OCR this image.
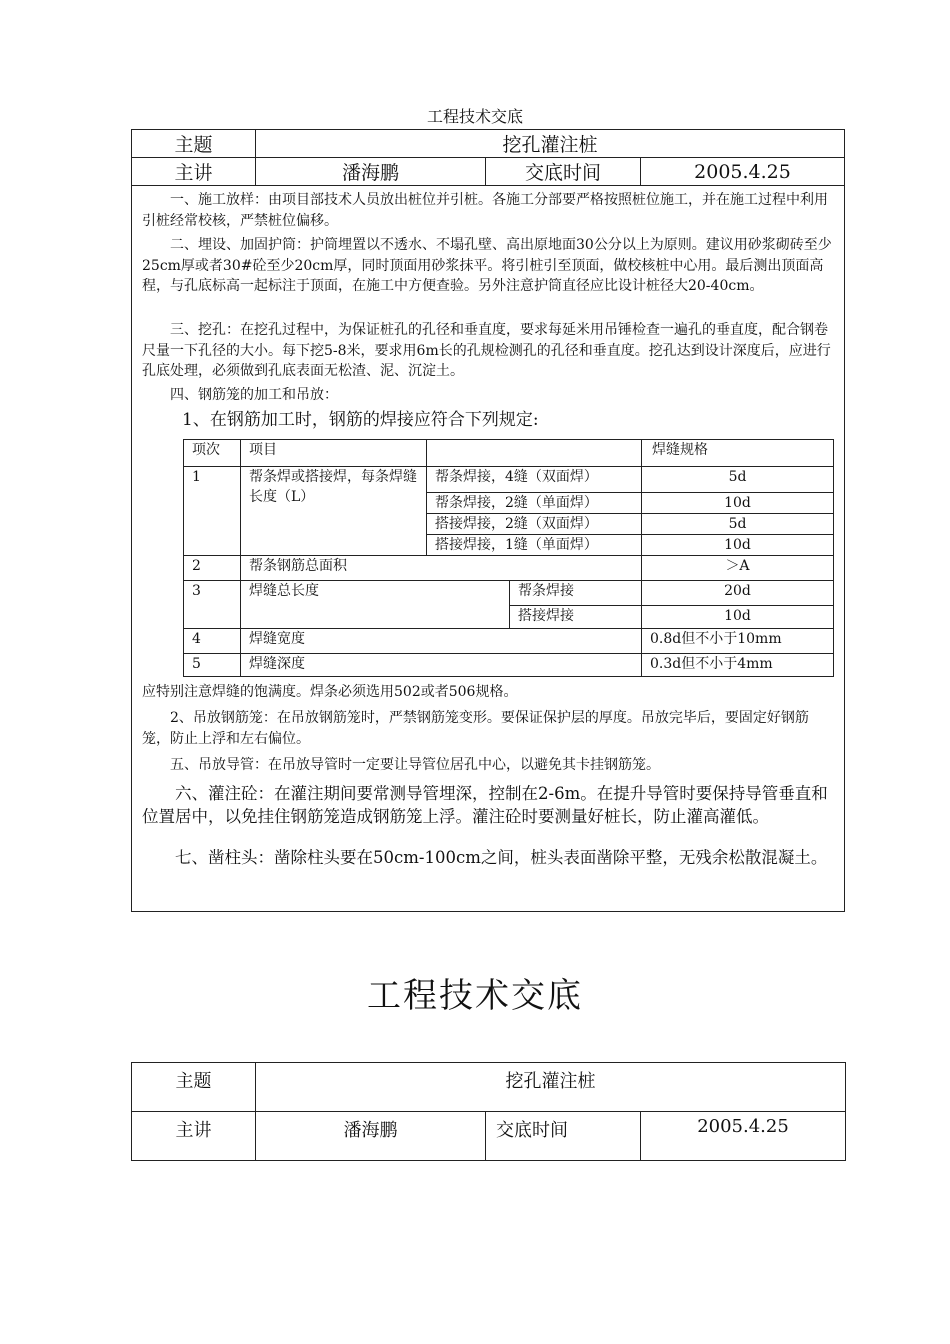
工程技术交底
主题	挖孔灌注桩		
主讲	潘海鹏	交底时间	2005.4.25

一、施工放样：由项目部技术人员放出桩位并引桩。各施工分部要严格按照桩位施工，并在施工过程中利用引桩经常校核，严禁桩位偏移。

二、埋设、加固护筒：护筒埋置以不透水、不塌孔壁、高出原地面30公分以上为原则。建议用砂浆砌砖至少25cm厚或者30#砼至少20cm厚，同时顶面用砂浆抹平。将引桩引至顶面，做校核桩中心用。最后测出顶面高程，与孔底标高一起标注于顶面，在施工中方便查验。另外注意护筒直径应比设计桩径大20-40cm。

三、挖孔：在挖孔过程中，为保证桩孔的孔径和垂直度，要求每延米用吊锤检查一遍孔的垂直度，配合钢卷尺量一下孔径的大小。每下挖5-8米，要求用6m长的孔规检测孔的孔径和垂直度。挖孔达到设计深度后，应进行孔底处理，必须做到孔底表面无松渣、泥、沉淀土。

四、钢筋笼的加工和吊放：

1、在钢筋加工时，钢筋的焊接应符合下列规定:

应特别注意焊缝的饱满度。焊条必须选用502或者506规格。

2、吊放钢筋笼：在吊放钢筋笼时，严禁钢筋笼变形。要保证保护层的厚度。吊放完毕后，要固定好钢筋笼，防止上浮和左右偏位。

五、吊放导管：在吊放导管时一定要让导管位居孔中心，以避免其卡挂钢筋笼。

六、灌注砼：在灌注期间要常测导管埋深，控制在2-6m。在提升导管时要保持导管垂直和位置居中，以免挂住钢筋笼造成钢筋笼上浮。灌注砼时要测量好桩长，防止灌高灌低。

七、凿柱头：凿除柱头要在50cm-100cm之间，桩头表面凿除平整，无残余松散混凝土。

项次	项目			焊缝规格
1	帮条焊或搭接焊，每条焊缝长度（L）	帮条焊接，4缝（双面焊）		5d
		帮条焊接，2缝（单面焊）		10d
		搭接焊接，2缝（双面焊）		5d
		搭接焊接，1缝（单面焊）		10d
2	帮条钢筋总面积			＞A
3	焊缝总长度		帮条焊接	20d
			搭接焊接	10d
4	焊缝宽度			0.8d但不小于10mm
5	焊缝深度			0.3d但不小于4mm
工程技术交底
主题	挖孔灌注桩		

主讲	潘海鹏	交底时间	2005.4.25
